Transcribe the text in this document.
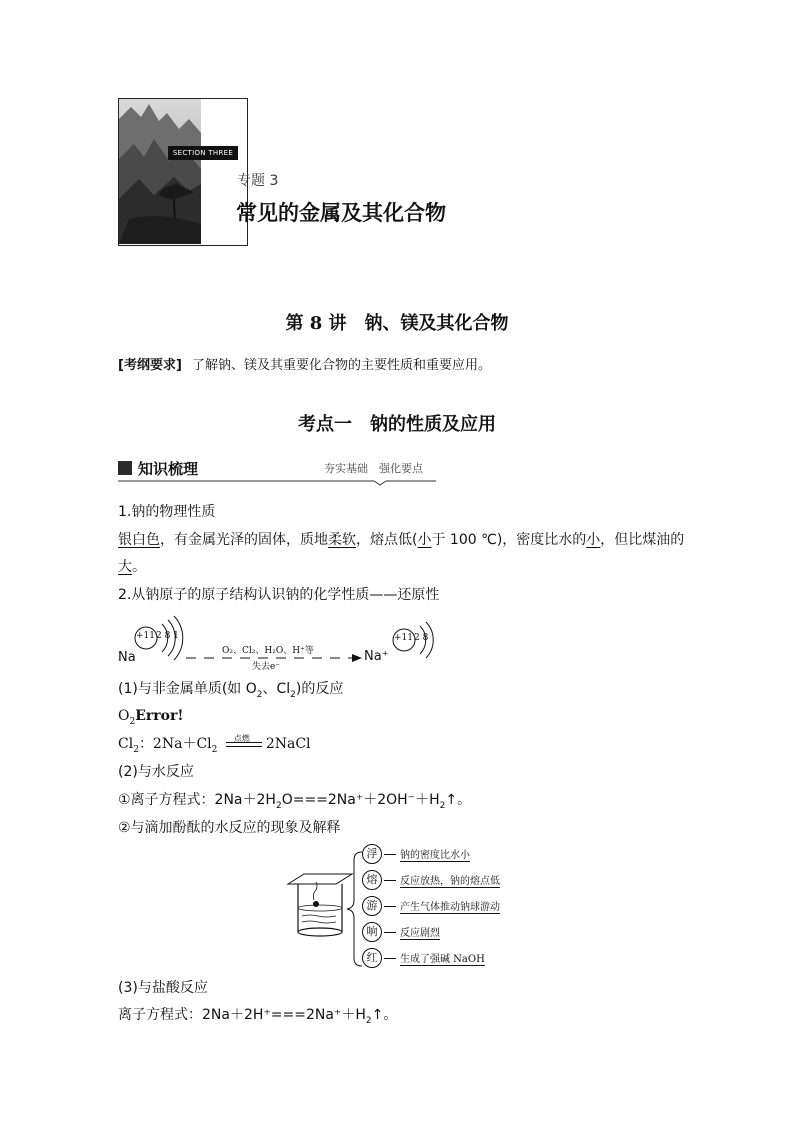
SECTION THREE
专题 3
常见的金属及其化合物
第 8 讲　钠、镁及其化合物
[考纲要求] 了解钠、镁及其重要化合物的主要性质和重要应用。
考点一　钠的性质及应用
知识梳理	夯实基础　强化要点
1.钠的物理性质
银白色，有金属光泽的固体，质地柔软，熔点低(小于 100 ℃)，密度比水的小，但比煤油的
大。
2.从钠原子的原子结构认识钠的化学性质——还原性
+11 2 8 1
Na	O₂、Cl₂、H₂O、H⁺等
失去e⁻
+11 2 8
Na⁺
(1)与非金属单质(如 $O_2$、$Cl_2$)的反应
$O_2Error$!
$Cl_2$：$2Na+Cl_2$
点燃 2NaCl
(2)与水反应
①离子方程式：$2Na+2H_2O===2Na^++2OH^-+H_2↑$。
②与滴加酚酞的水反应的现象及解释
浮	钠的密度比水小
熔	反应放热，钠的熔点低
游	产生气体推动钠球游动
响	反应剧烈
红	生成了强碱 NaOH
(3)与盐酸反应
离子方程式：$2Na+2H^+===2Na^++H_2↑$。
